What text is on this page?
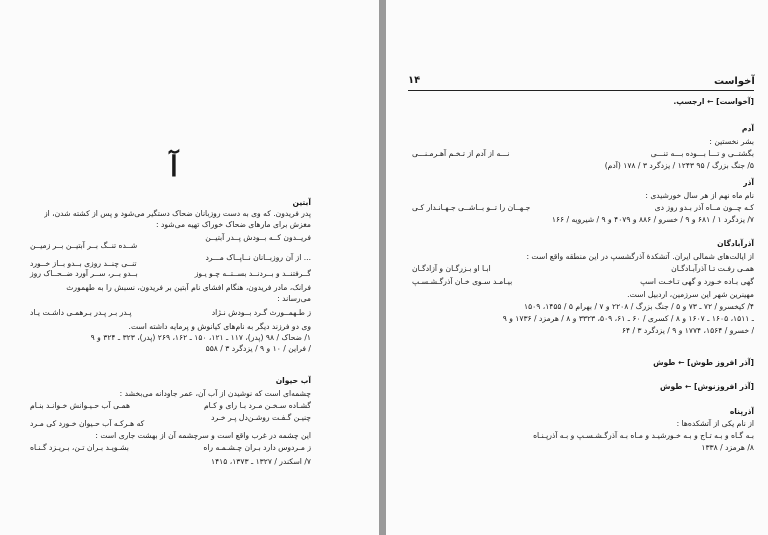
آ
آبتین
پدر فریدون. که وی به دست روزبانان ضحاک دستگیر می‌شود و پس از کشته شدن، از
مغزش برای مارهای ضحاک خوراک تهیه می‌شود :
فریــدون کــه بــودش پــدر آبتیــن
شــده تنــگ بــر آبتیــن بــر زمیــن
... از آن روزبــانان نــاپــاک مـــرد
تنــی چنــد روزی بــدو بــاز خــورد
گــرفتنــد و بــردنــد بســتــه چـو یـوز
بــدو بــر، ســر آورد ضــحــاک روز
فرانک، مادر فریدون، هنگام افشای نام آبتین بر فریدون، نسبش را به طهمورث
می‌رساند :
ز طـهمــورث گـرد بــودش نـژاد
پـدر بـر پـدر بـرهمـی داشـت یـاد
وی دو فرزند دیگر به نام‌های کیانوش و پرمایه داشته است.
۱/ ضحاک / ۹۸ (پدر)، ۱۱۷ ـ ۱۲۱، ۱۵۰ ـ ۱۶۲، ۲۶۹ (پدر)، ۳۲۳ ـ ۳۲۴ و ۹
/ فراین / ۱۰ و ۹ / یزدگرد ۳ / ۵۵۸
آب حیوان
چشمه‌ای است که نوشیدن از آب آن، عمر جاودانه می‌بخشد :
گشـاده سـخـن مـرد بـا رای و کـام
همـی آب حـیـوانش خـوانـد بنـام
چنیـن گـفـت روشـن‌دل پـر خـرد
که هـرکـه آب حـیوان خـورد کی مـرد
این چشمه در غرب واقع است و سرچشمه آن از بهشت جاری است :
ز مـردوس دارد بـران چـشـمـه راه
بشـویـد بـران تـن، بـریـزد گـنـاه
۷/ اسکندر / ۱۳۲۷ ـ ۱۳۷۳، ۱۴۱۵
۱۴	آخواست
[آخواست] ← ارجسپ.
آدم
بشر نخستین :
بگشتــی و تـــا بـــوده بـــه تنـــی
نـــه از آدم از تـخـم آهـرمـنـــی
۵/ جنگ بزرگ / ۹۵ ۱۲۴۳ / یزدگرد ۳ / ۱۷۸ (آدم)
آذر
نام ماه نهم از هر سال خورشیدی :
کـه چــون مــاه آذر بـدو روز دی
جـهــان را تــو بــاشــی جـهـانـدار کـی
۷/ یزدگرد ۱ / ۶۸۱ و ۹ / خسرو / ۸۸۶ و ۴۰۷۹ و ۹ / شیرویه / ۱۶۶
آذرآبادگان
از ایالت‌های شمالی ایران. آتشکدهٔ آذرگشسپ در این منطقه واقع است :
همـی رفـت تـا آذرآبـادگـان
ابـا او بـزرگـان و آزادگـان
گهی بـاده خـورد و گهی تـاخـت اسپ
بیـامـد سـوی خـان آذرگـشـسـپ
مهینرین شهر این سرزمین، اردبیل است.
۴/ کیخسرو / ۷۲ ـ ۷۳ و ۵ / جنگ بزرگ / ۲۲۰۸ و ۷ / بهرام ۵ / ۱۴۵۵، ۱۵۰۹
ـ ۱۵۱۱، ۱۶۰۵ ـ ۱۶۰۷ و ۸ / کسری / ۶۰ ـ ۶۱، ۵۰۹، ۳۳۲۳ و ۸ / هرمزد / ۱۷۳۶ و ۹
/ خسرو / ۱۵۶۴، ۱۷۷۴ و ۹ / یزدگرد ۳ / ۶۴
[آذر افروز طوش] ← طوش
[آذر افروزنوش] ← طوش
آذرپناه
از نام یکی از آتشکده‌ها :
بـه گـاه و بـه تـاج و بـه خـورشیـد و مـاه بـه آذرگـشـسـپ و بـه آذرپـنـاه
۸/ هرمزد / ۱۳۳۸
